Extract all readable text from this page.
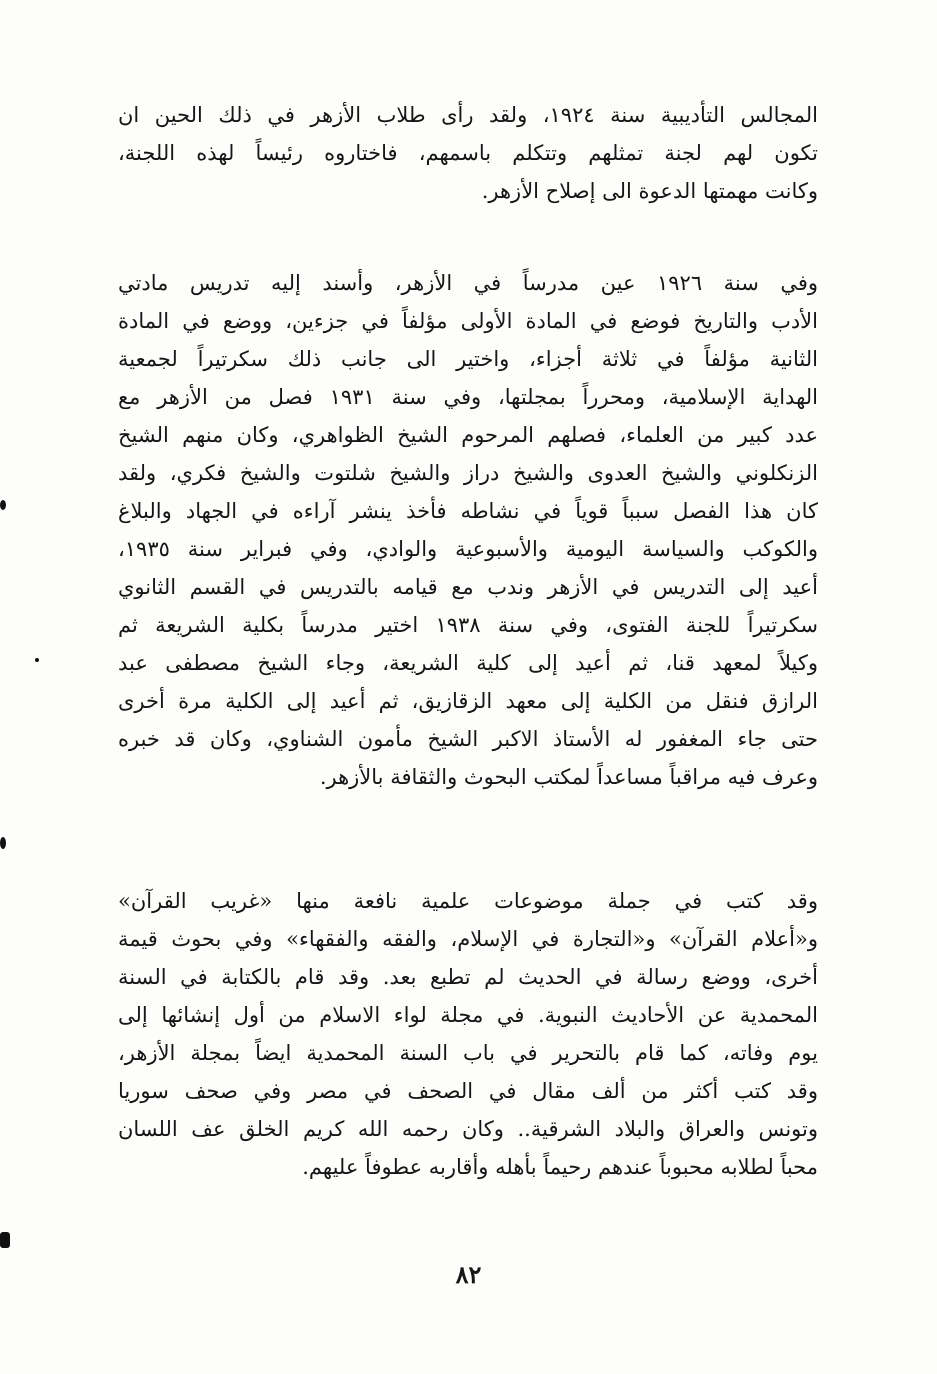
المجالس التأديبية سنة ١٩٢٤، ولقد رأى طلاب الأزهر في ذلك الحين ان
تكون لهم لجنة تمثلهم وتتكلم باسمهم، فاختاروه رئيساً لهذه اللجنة،
وكانت مهمتها الدعوة الى إصلاح الأزهر.
وفي سنة ١٩٢٦ عين مدرساً في الأزهر، وأسند إليه تدريس مادتي
الأدب والتاريخ فوضع في المادة الأولى مؤلفاً في جزءين، ووضع في المادة
الثانية مؤلفاً في ثلاثة أجزاء، واختير الى جانب ذلك سكرتيراً لجمعية
الهداية الإسلامية، ومحرراً بمجلتها، وفي سنة ١٩٣١ فصل من الأزهر مع
عدد كبير من العلماء، فصلهم المرحوم الشيخ الظواهري، وكان منهم الشيخ
الزنكلوني والشيخ العدوى والشيخ دراز والشيخ شلتوت والشيخ فكري، ولقد
كان هذا الفصل سبباً قوياً في نشاطه فأخذ ينشر آراءه في الجهاد والبلاغ
والكوكب والسياسة اليومية والأسبوعية والوادي، وفي فبراير سنة ١٩٣٥،
أعيد إلى التدريس في الأزهر وندب مع قيامه بالتدريس في القسم الثانوي
سكرتيراً للجنة الفتوى، وفي سنة ١٩٣٨ اختير مدرساً بكلية الشريعة ثم
وكيلاً لمعهد قنا، ثم أعيد إلى كلية الشريعة، وجاء الشيخ مصطفى عبد
الرازق فنقل من الكلية إلى معهد الزقازيق، ثم أعيد إلى الكلية مرة أخرى
حتى جاء المغفور له الأستاذ الاكبر الشيخ مأمون الشناوي، وكان قد خبره
وعرف فيه مراقباً مساعداً لمكتب البحوث والثقافة بالأزهر.
وقد كتب في جملة موضوعات علمية نافعة منها «غريب القرآن»
و«أعلام القرآن» و«التجارة في الإسلام، والفقه والفقهاء» وفي بحوث قيمة
أخرى، ووضع رسالة في الحديث لم تطبع بعد. وقد قام بالكتابة في السنة
المحمدية عن الأحاديث النبوية. في مجلة لواء الاسلام من أول إنشائها إلى
يوم وفاته، كما قام بالتحرير في باب السنة المحمدية ايضاً بمجلة الأزهر،
وقد كتب أكثر من ألف مقال في الصحف في مصر وفي صحف سوريا
وتونس والعراق والبلاد الشرقية.. وكان رحمه الله كريم الخلق عف اللسان
محباً لطلابه محبوباً عندهم رحيماً بأهله وأقاربه عطوفاً عليهم.
٨٢
